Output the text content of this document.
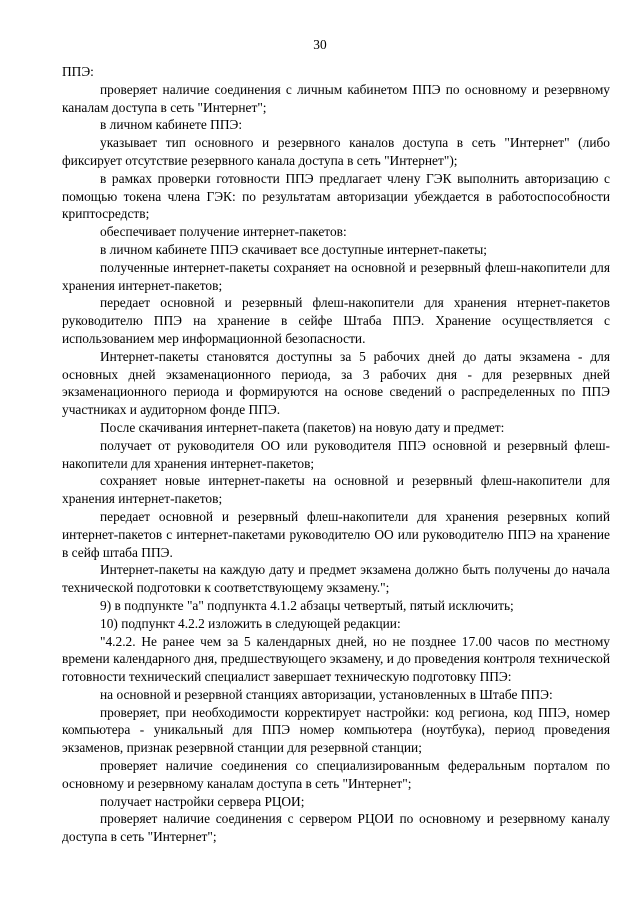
30

ППЭ:

проверяет наличие соединения с личным кабинетом ППЭ по основному и резервному каналам доступа в сеть "Интернет";

в личном кабинете ППЭ:

указывает тип основного и резервного каналов доступа в сеть "Интернет" (либо фиксирует отсутствие резервного канала доступа в сеть "Интернет");

в рамках проверки готовности ППЭ предлагает члену ГЭК выполнить авторизацию с помощью токена члена ГЭК: по результатам авторизации убеждается в работоспособности криптосредств;

обеспечивает получение интернет-пакетов:

в личном кабинете ППЭ скачивает все доступные интернет-пакеты;

полученные интернет-пакеты сохраняет на основной и резервный флеш-накопители для хранения интернет-пакетов;

передает основной и резервный флеш-накопители для хранения нтернет-пакетов руководителю ППЭ на хранение в сейфе Штаба ППЭ. Хранение осуществляется с использованием мер информационной безопасности.

Интернет-пакеты становятся доступны за 5 рабочих дней до даты экзамена - для основных дней экзаменационного периода, за 3 рабочих дня - для резервных дней экзаменационного периода и формируются на основе сведений о распределенных по ППЭ участниках и аудиторном фонде ППЭ.

После скачивания интернет-пакета (пакетов) на новую дату и предмет:

получает от руководителя ОО или руководителя ППЭ основной и резервный флеш-накопители для хранения интернет-пакетов;

сохраняет новые интернет-пакеты на основной и резервный флеш-накопители для хранения интернет-пакетов;

передает основной и резервный флеш-накопители для хранения резервных копий интернет-пакетов с интернет-пакетами руководителю ОО или руководителю ППЭ на хранение в сейф штаба ППЭ.

Интернет-пакеты на каждую дату и предмет экзамена должно быть получены до начала технической подготовки к соответствующему экзамену.";

9) в подпункте "а" подпункта 4.1.2 абзацы четвертый, пятый исключить;

10) подпункт 4.2.2 изложить в следующей редакции:

"4.2.2. Не ранее чем за 5 календарных дней, но не позднее 17.00 часов по местному времени календарного дня, предшествующего экзамену, и до проведения контроля технической готовности технический специалист завершает техническую подготовку ППЭ:

на основной и резервной станциях авторизации, установленных в Штабе ППЭ:

проверяет, при необходимости корректирует настройки: код региона, код ППЭ, номер компьютера - уникальный для ППЭ номер компьютера (ноутбука), период проведения экзаменов, признак резервной станции для резервной станции;

проверяет наличие соединения со специализированным федеральным порталом по основному и резервному каналам доступа в сеть "Интернет";

получает настройки сервера РЦОИ;

проверяет наличие соединения с сервером РЦОИ по основному и резервному каналу доступа в сеть "Интернет";
